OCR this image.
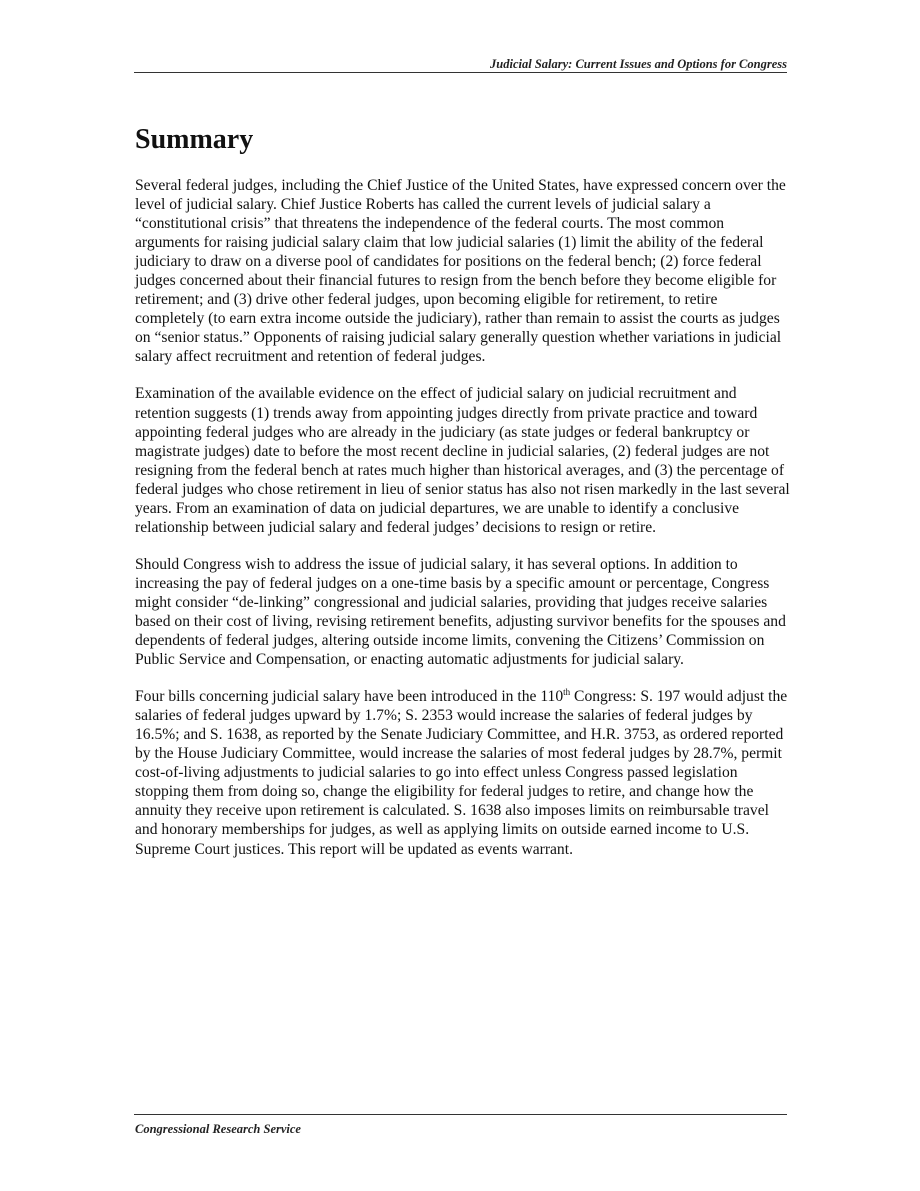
Judicial Salary: Current Issues and Options for Congress
Summary

Several federal judges, including the Chief Justice of the United States, have expressed concern over the level of judicial salary. Chief Justice Roberts has called the current levels of judicial salary a “constitutional crisis” that threatens the independence of the federal courts. The most common arguments for raising judicial salary claim that low judicial salaries (1) limit the ability of the federal judiciary to draw on a diverse pool of candidates for positions on the federal bench; (2) force federal judges concerned about their financial futures to resign from the bench before they become eligible for retirement; and (3) drive other federal judges, upon becoming eligible for retirement, to retire completely (to earn extra income outside the judiciary), rather than remain to assist the courts as judges on “senior status.” Opponents of raising judicial salary generally question whether variations in judicial salary affect recruitment and retention of federal judges.

Examination of the available evidence on the effect of judicial salary on judicial recruitment and retention suggests (1) trends away from appointing judges directly from private practice and toward appointing federal judges who are already in the judiciary (as state judges or federal bankruptcy or magistrate judges) date to before the most recent decline in judicial salaries, (2) federal judges are not resigning from the federal bench at rates much higher than historical averages, and (3) the percentage of federal judges who chose retirement in lieu of senior status has also not risen markedly in the last several years. From an examination of data on judicial departures, we are unable to identify a conclusive relationship between judicial salary and federal judges’ decisions to resign or retire.

Should Congress wish to address the issue of judicial salary, it has several options. In addition to increasing the pay of federal judges on a one-time basis by a specific amount or percentage, Congress might consider “de-linking” congressional and judicial salaries, providing that judges receive salaries based on their cost of living, revising retirement benefits, adjusting survivor benefits for the spouses and dependents of federal judges, altering outside income limits, convening the Citizens’ Commission on Public Service and Compensation, or enacting automatic adjustments for judicial salary.

Four bills concerning judicial salary have been introduced in the 110th Congress: S. 197 would adjust the salaries of federal judges upward by 1.7%; S. 2353 would increase the salaries of federal judges by 16.5%; and S. 1638, as reported by the Senate Judiciary Committee, and H.R. 3753, as ordered reported by the House Judiciary Committee, would increase the salaries of most federal judges by 28.7%, permit cost-of-living adjustments to judicial salaries to go into effect unless Congress passed legislation stopping them from doing so, change the eligibility for federal judges to retire, and change how the annuity they receive upon retirement is calculated. S. 1638 also imposes limits on reimbursable travel and honorary memberships for judges, as well as applying limits on outside earned income to U.S. Supreme Court justices. This report will be updated as events warrant.

Congressional Research Service
